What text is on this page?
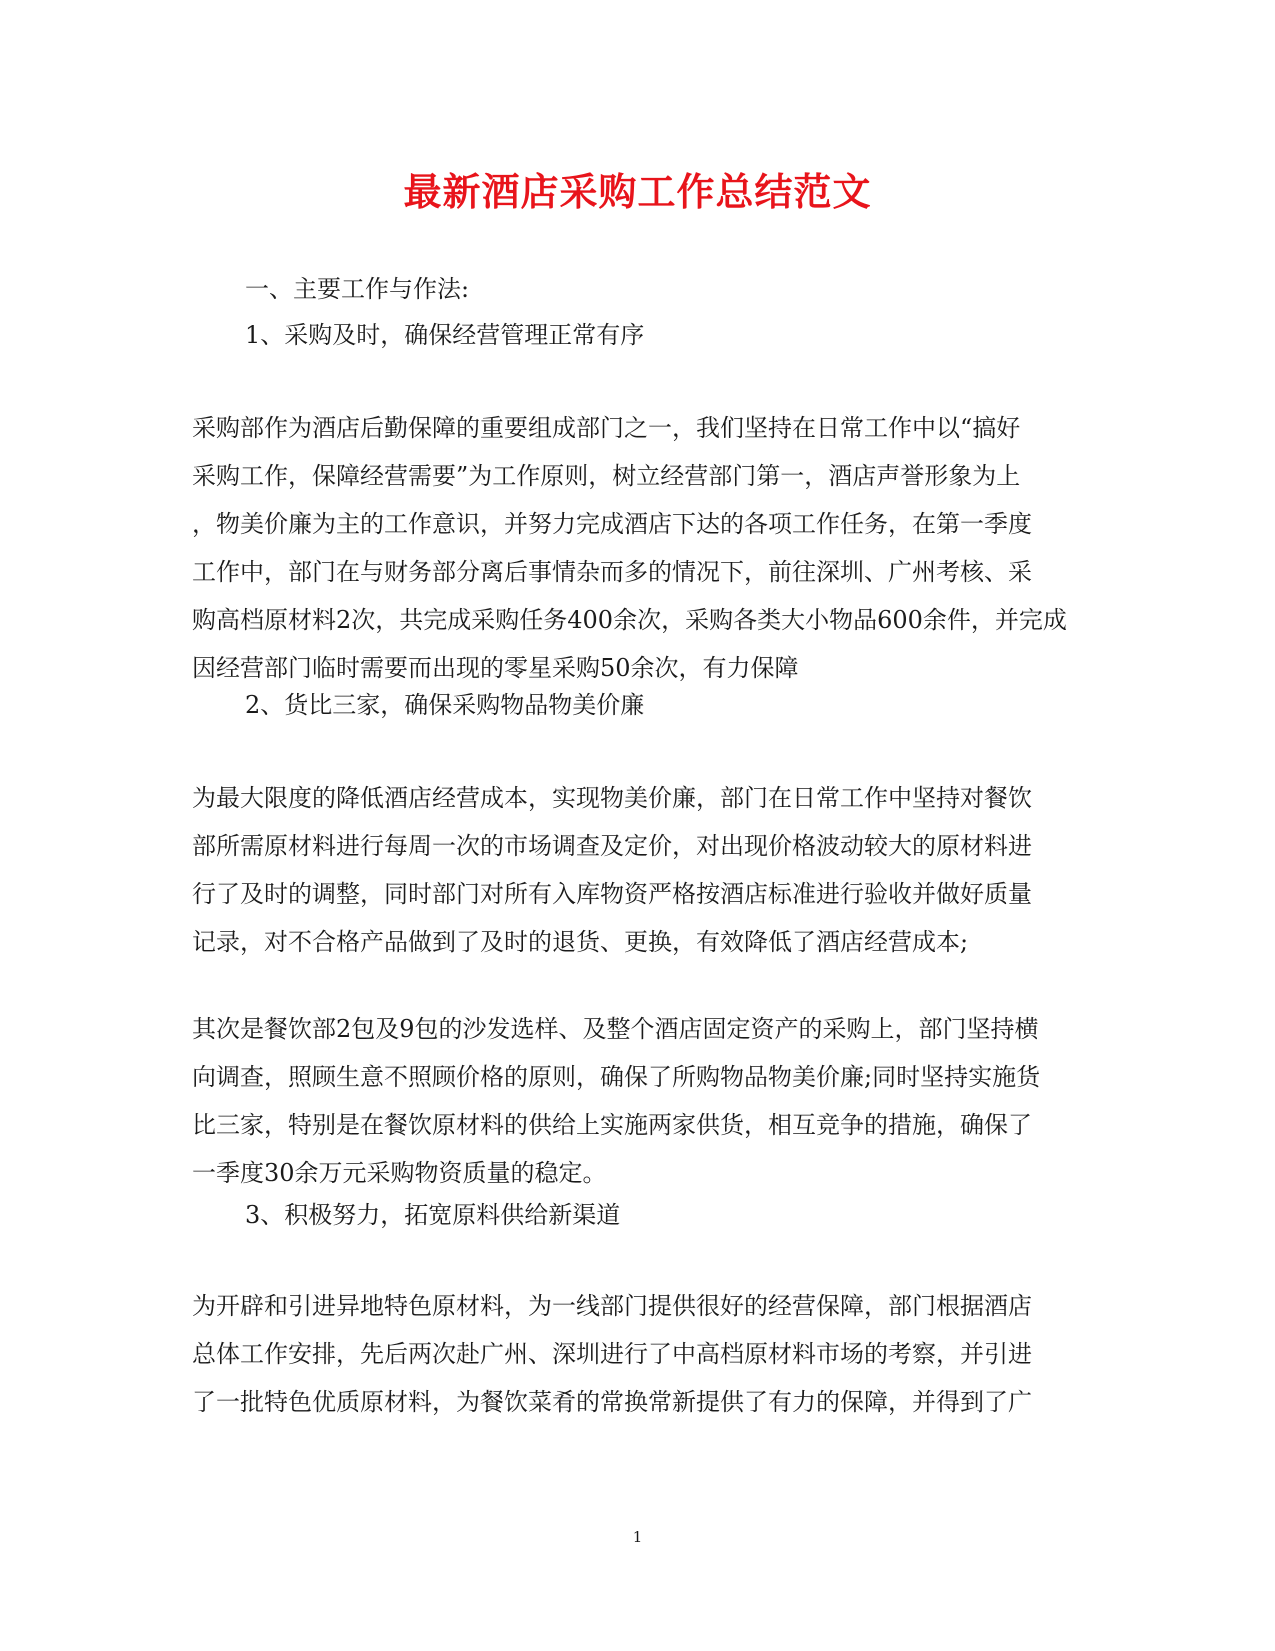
最新酒店采购工作总结范文
一、主要工作与作法:
1、采购及时，确保经营管理正常有序
采购部作为酒店后勤保障的重要组成部门之一，我们坚持在日常工作中以“搞好
采购工作，保障经营需要”为工作原则，树立经营部门第一，酒店声誉形象为上
，物美价廉为主的工作意识，并努力完成酒店下达的各项工作任务，在第一季度
工作中，部门在与财务部分离后事情杂而多的情况下，前往深圳、广州考核、采
购高档原材料2次，共完成采购任务400余次，采购各类大小物品600余件，并完成
因经营部门临时需要而出现的零星采购50余次，有力保障
2、货比三家，确保采购物品物美价廉
为最大限度的降低酒店经营成本，实现物美价廉，部门在日常工作中坚持对餐饮
部所需原材料进行每周一次的市场调查及定价，对出现价格波动较大的原材料进
行了及时的调整，同时部门对所有入库物资严格按酒店标准进行验收并做好质量
记录，对不合格产品做到了及时的退货、更换，有效降低了酒店经营成本;
其次是餐饮部2包及9包的沙发选样、及整个酒店固定资产的采购上，部门坚持横
向调查，照顾生意不照顾价格的原则，确保了所购物品物美价廉;同时坚持实施货
比三家，特别是在餐饮原材料的供给上实施两家供货，相互竞争的措施，确保了
一季度30余万元采购物资质量的稳定。
3、积极努力，拓宽原料供给新渠道
为开辟和引进异地特色原材料，为一线部门提供很好的经营保障，部门根据酒店
总体工作安排，先后两次赴广州、深圳进行了中高档原材料市场的考察，并引进
了一批特色优质原材料，为餐饮菜肴的常换常新提供了有力的保障，并得到了广
1
